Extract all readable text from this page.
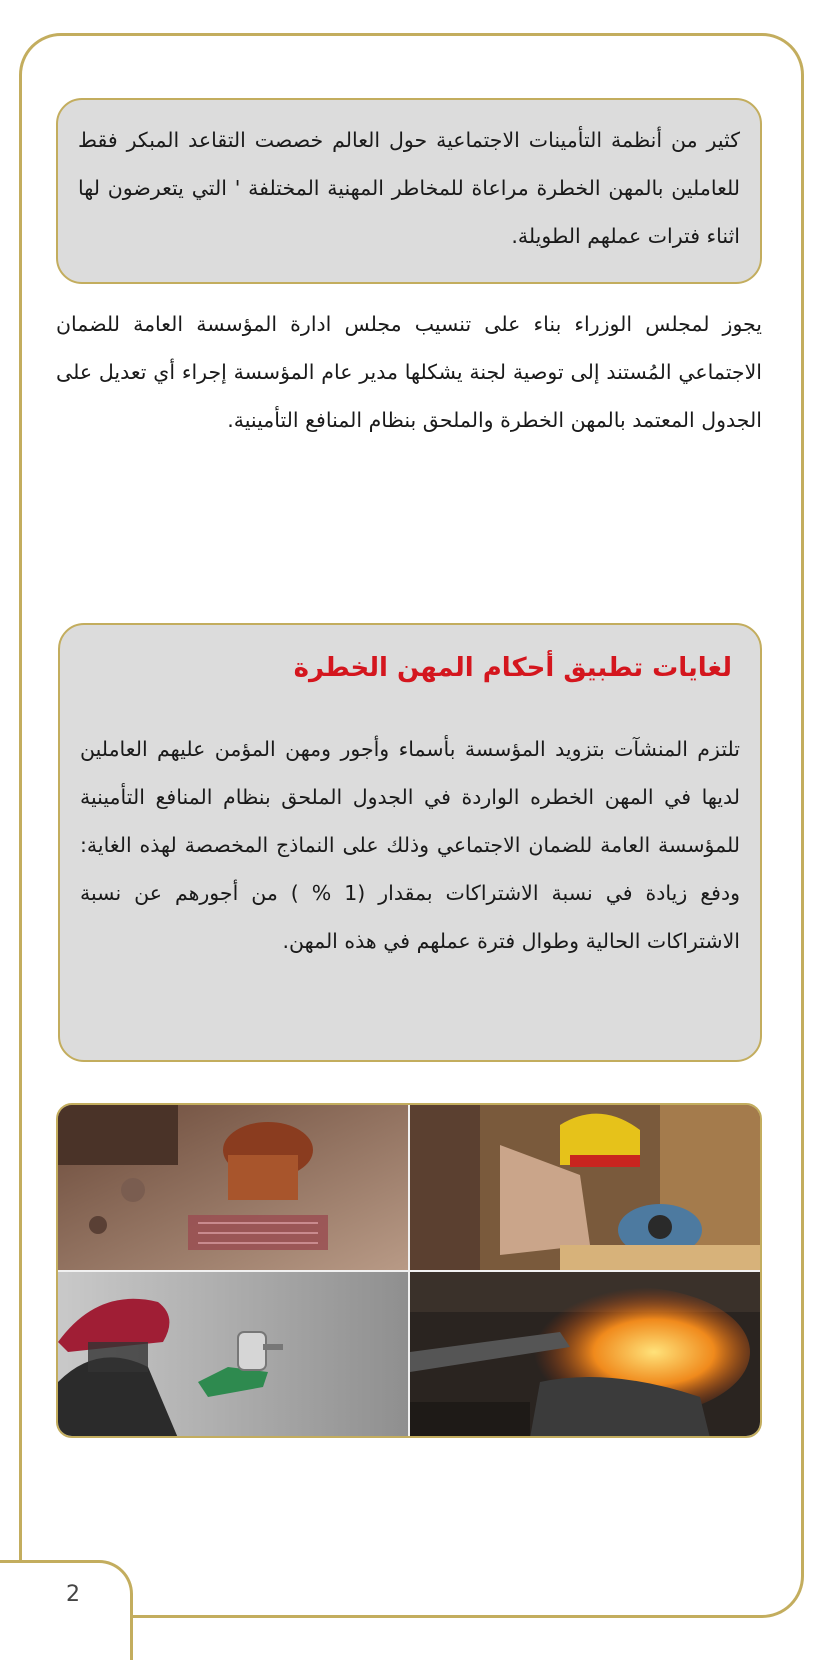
كثير من أنظمة التأمينات الاجتماعية حول العالم خصصت التقاعد المبكر فقط للعاملين بالمهن الخطرة مراعاة للمخاطر المهنية المختلفة ' التي يتعرضون لها اثناء فترات عملهم الطويلة.

يجوز لمجلس الوزراء بناء على تنسيب مجلس ادارة المؤسسة العامة للضمان الاجتماعي المُستند إلى توصية لجنة يشكلها مدير عام المؤسسة إجراء أي تعديل على الجدول المعتمد بالمهن الخطرة والملحق بنظام المنافع التأمينية.

لغايات تطبيق أحكام المهن الخطرة

تلتزم المنشآت بتزويد المؤسسة بأسماء وأجور ومهن المؤمن عليهم العاملين لديها في المهن الخطره الواردة في الجدول الملحق بنظام المنافع التأمينية للمؤسسة العامة للضمان الاجتماعي وذلك على النماذج المخصصة لهذه الغاية: ودفع زيادة في نسبة الاشتراكات بمقدار (1 % ) من أجورهم عن نسبة الاشتراكات الحالية وطوال فترة عملهم في هذه المهن.

2
